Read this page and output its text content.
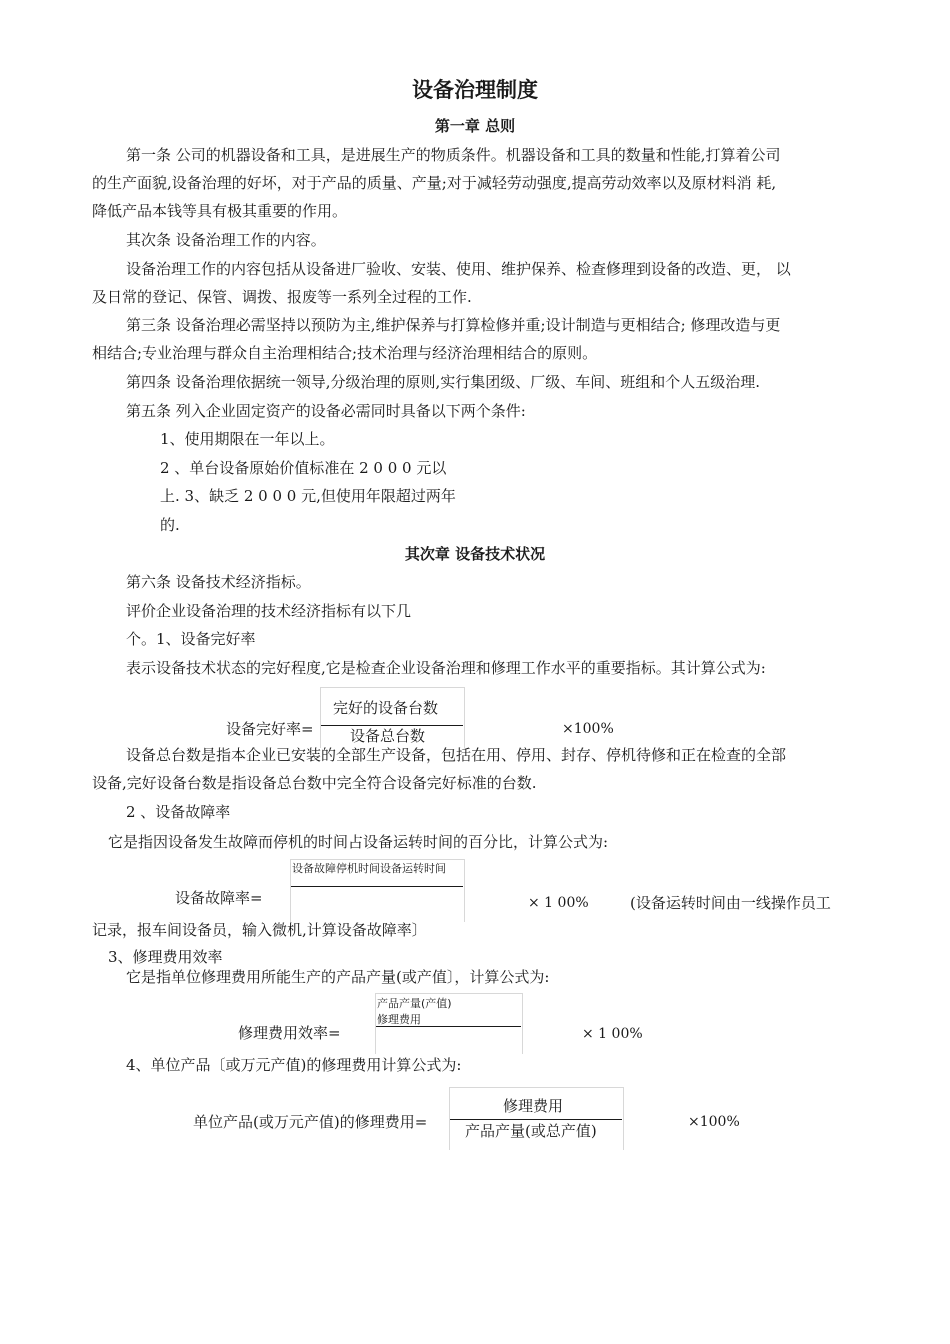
设备治理制度
第一章 总则
第一条 公司的机器设备和工具，是进展生产的物质条件。机器设备和工具的数量和性能,打算着公司
的生产面貌,设备治理的好坏，对于产品的质量、产量;对于减轻劳动强度,提高劳动效率以及原材料消 耗,
降低产品本钱等具有极其重要的作用。
其次条 设备治理工作的内容。
设备治理工作的内容包括从设备进厂验收、安装、使用、维护保养、检查修理到设备的改造、更， 以
及日常的登记、保管、调拨、报废等一系列全过程的工作.
第三条 设备治理必需坚持以预防为主,维护保养与打算检修并重;设计制造与更相结合; 修理改造与更
相结合;专业治理与群众自主治理相结合;技术治理与经济治理相结合的原则。
第四条 设备治理依据统一领导,分级治理的原则,实行集团级、厂级、车间、班组和个人五级治理.
第五条 列入企业固定资产的设备必需同时具备以下两个条件:
1、使用期限在一年以上。
2 、单台设备原始价值标准在 2 0 0 0 元以
上. 3、缺乏 2 0 0 0 元,但使用年限超过两年
的.
其次章 设备技术状况
第六条 设备技术经济指标。
评价企业设备治理的技术经济指标有以下几
个。1、设备完好率
表示设备技术状态的完好程度,它是检查企业设备治理和修理工作水平的重要指标。其计算公式为:
完好的设备台数
设备总台数
设备完好率=	×100%
设备总台数是指本企业已安装的全部生产设备，包括在用、停用、封存、停机待修和正在检查的全部
设备,完好设备台数是指设备总台数中完全符合设备完好标准的台数.
2 、设备故障率
它是指因设备发生故障而停机的时间占设备运转时间的百分比，计算公式为:
设备故障停机时间设备运转时间
设备故障率=	× 1 00%	(设备运转时间由一线操作员工
记录，报车间设备员，输入微机,计算设备故障率〕
3、修理费用效率
它是指单位修理费用所能生产的产品产量(或产值〕，计算公式为:
产品产量(产值)
修理费用
修理费用效率=	× 1 00%
4、单位产品〔或万元产值)的修理费用计算公式为:
修理费用
产品产量(或总产值)
单位产品(或万元产值)的修理费用=	×100%
